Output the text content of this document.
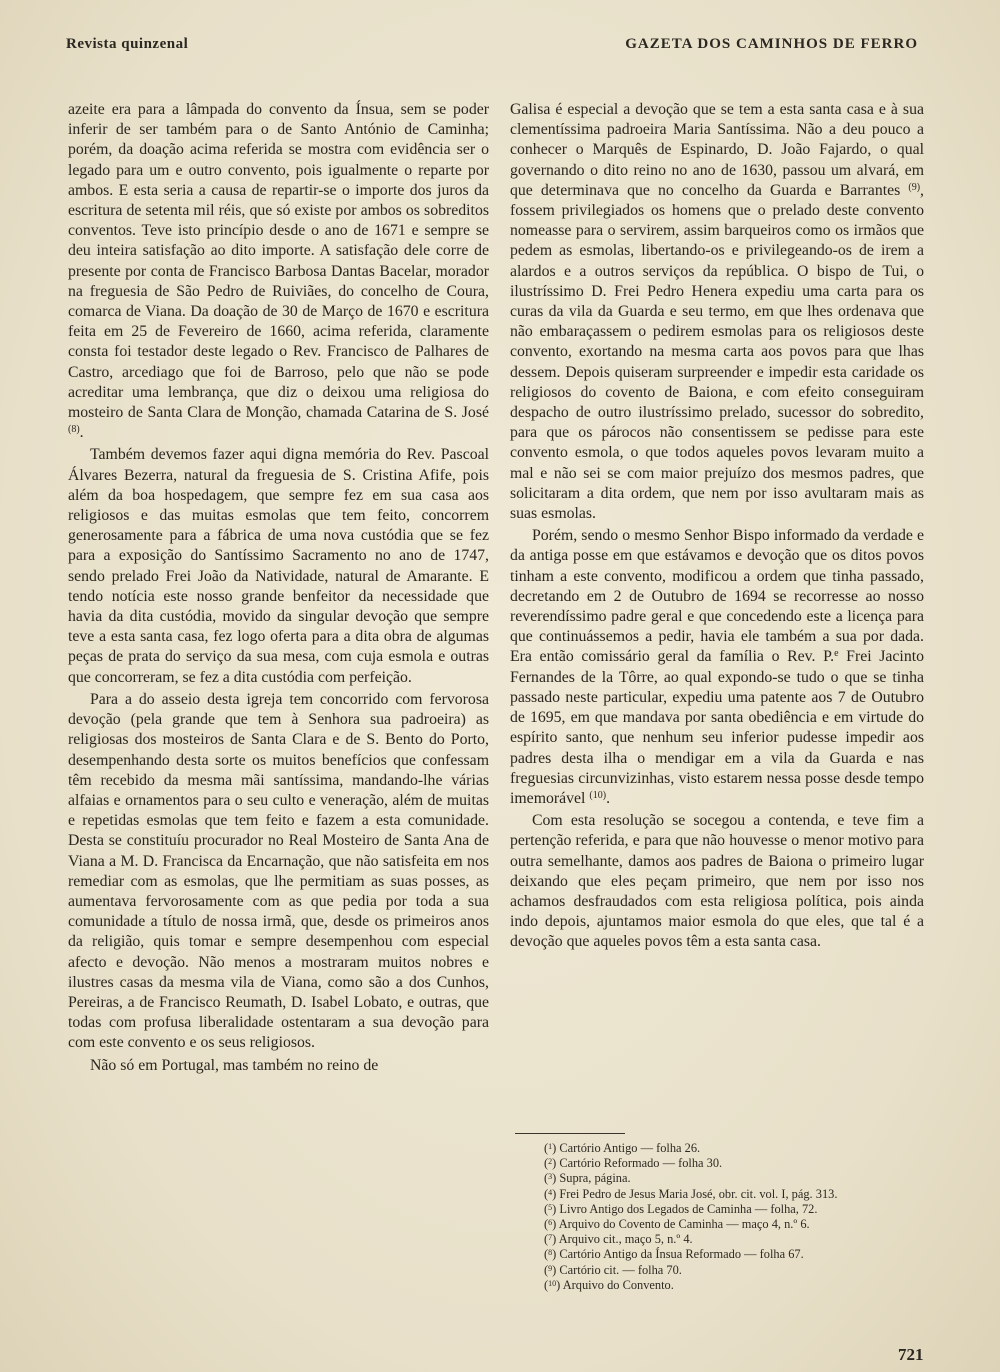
Revista quinzenal	GAZETA DOS CAMINHOS DE FERRO

azeite era para a lâmpada do convento da Ínsua, sem se poder inferir de ser também para o de Santo António de Caminha; porém, da doação acima referida se mostra com evidência ser o legado para um e outro convento, pois igualmente o reparte por ambos. E esta seria a causa de repartir-se o importe dos juros da escritura de setenta mil réis, que só existe por ambos os sobreditos conventos. Teve isto princípio desde o ano de 1671 e sempre se deu inteira satisfação ao dito importe. A satisfação dele corre de presente por conta de Francisco Barbosa Dantas Bacelar, morador na freguesia de São Pedro de Ruiviães, do concelho de Coura, comarca de Viana. Da doação de 30 de Março de 1670 e escritura feita em 25 de Fevereiro de 1660, acima referida, claramente consta foi testador deste legado o Rev. Francisco de Palhares de Castro, arcediago que foi de Barroso, pelo que não se pode acreditar uma lembrança, que diz o deixou uma religiosa do mosteiro de Santa Clara de Monção, chamada Catarina de S. José $^{(8)}$.

Também devemos fazer aqui digna memória do Rev. Pascoal Álvares Bezerra, natural da freguesia de S. Cristina Afife, pois além da boa hospedagem, que sempre fez em sua casa aos religiosos e das muitas esmolas que tem feito, concorrem generosamente para a fábrica de uma nova custódia que se fez para a exposição do Santíssimo Sacramento no ano de 1747, sendo prelado Frei João da Natividade, natural de Amarante. E tendo notícia este nosso grande benfeitor da necessidade que havia da dita custódia, movido da singular devoção que sempre teve a esta santa casa, fez logo oferta para a dita obra de algumas peças de prata do serviço da sua mesa, com cuja esmola e outras que concorreram, se fez a dita custódia com perfeição.

Para a do asseio desta igreja tem concorrido com fervorosa devoção (pela grande que tem à Senhora sua padroeira) as religiosas dos mosteiros de Santa Clara e de S. Bento do Porto, desempenhando desta sorte os muitos benefícios que confessam têm recebido da mesma mãi santíssima, mandando-lhe várias alfaias e ornamentos para o seu culto e veneração, além de muitas e repetidas esmolas que tem feito e fazem a esta comunidade. Desta se constituíu procurador no Real Mosteiro de Santa Ana de Viana a M. D. Francisca da Encarnação, que não satisfeita em nos remediar com as esmolas, que lhe permitiam as suas posses, as aumentava fervorosamente com as que pedia por toda a sua comunidade a título de nossa irmã, que, desde os primeiros anos da religião, quis tomar e sempre desempenhou com especial afecto e devoção. Não menos a mostraram muitos nobres e ilustres casas da mesma vila de Viana, como são a dos Cunhos, Pereiras, a de Francisco Reumath, D. Isabel Lobato, e outras, que todas com profusa liberalidade ostentaram a sua devoção para com este convento e os seus religiosos.

Não só em Portugal, mas também no reino de

Galisa é especial a devoção que se tem a esta santa casa e à sua clementíssima padroeira Maria Santíssima. Não a deu pouco a conhecer o Marquês de Espinardo, D. João Fajardo, o qual governando o dito reino no ano de 1630, passou um alvará, em que determinava que no concelho da Guarda e Barrantes $^{(9)}$, fossem privilegiados os homens que o prelado deste convento nomeasse para o servirem, assim barqueiros como os irmãos que pedem as esmolas, libertando-os e privilegeando-os de irem a alardos e a outros serviços da república. O bispo de Tui, o ilustríssimo D. Frei Pedro Henera expediu uma carta para os curas da vila da Guarda e seu termo, em que lhes ordenava que não embaraçassem o pedirem esmolas para os religiosos deste convento, exortando na mesma carta aos povos para que lhas dessem. Depois quiseram surpreender e impedir esta caridade os religiosos do covento de Baiona, e com efeito conseguiram despacho de outro ilustríssimo prelado, sucessor do sobredito, para que os párocos não consentissem se pedisse para este convento esmola, o que todos aqueles povos levaram muito a mal e não sei se com maior prejuízo dos mesmos padres, que solicitaram a dita ordem, que nem por isso avultaram mais as suas esmolas.

Porém, sendo o mesmo Senhor Bispo informado da verdade e da antiga posse em que estávamos e devoção que os ditos povos tinham a este convento, modificou a ordem que tinha passado, decretando em 2 de Outubro de 1694 se recorresse ao nosso reverendíssimo padre geral e que concedendo este a licença para que continuássemos a pedir, havia ele também a sua por dada. Era então comissário geral da família o Rev. P.$^e$ Frei Jacinto Fernandes de la Tôrre, ao qual expondo-se tudo o que se tinha passado neste particular, expediu uma patente aos 7 de Outubro de 1695, em que mandava por santa obediência e em virtude do espírito santo, que nenhum seu inferior pudesse impedir aos padres desta ilha o mendigar em a vila da Guarda e nas freguesias circunvizinhas, visto estarem nessa posse desde tempo imemorável $^{(10)}$.

Com esta resolução se socegou a contenda, e teve fim a pertenção referida, e para que não houvesse o menor motivo para outra semelhante, damos aos padres de Baiona o primeiro lugar deixando que eles peçam primeiro, que nem por isso nos achamos desfraudados com esta religiosa política, pois ainda indo depois, ajuntamos maior esmola do que eles, que tal é a devoção que aqueles povos têm a esta santa casa.

($^1$) Cartório Antigo — folha 26.
($^2$) Cartório Reformado — folha 30.
($^3$) Supra, página.
($^4$) Frei Pedro de Jesus Maria José, obr. cit. vol. I, pág. 313.
($^5$) Livro Antigo dos Legados de Caminha — folha, 72.
($^6$) Arquivo do Covento de Caminha — maço 4, n.º 6.
($^7$) Arquivo cit., maço 5, n.º 4.
($^8$) Cartório Antigo da Ínsua Reformado — folha 67.
($^9$) Cartório cit. — folha 70.
($^{10}$) Arquivo do Convento.
721
